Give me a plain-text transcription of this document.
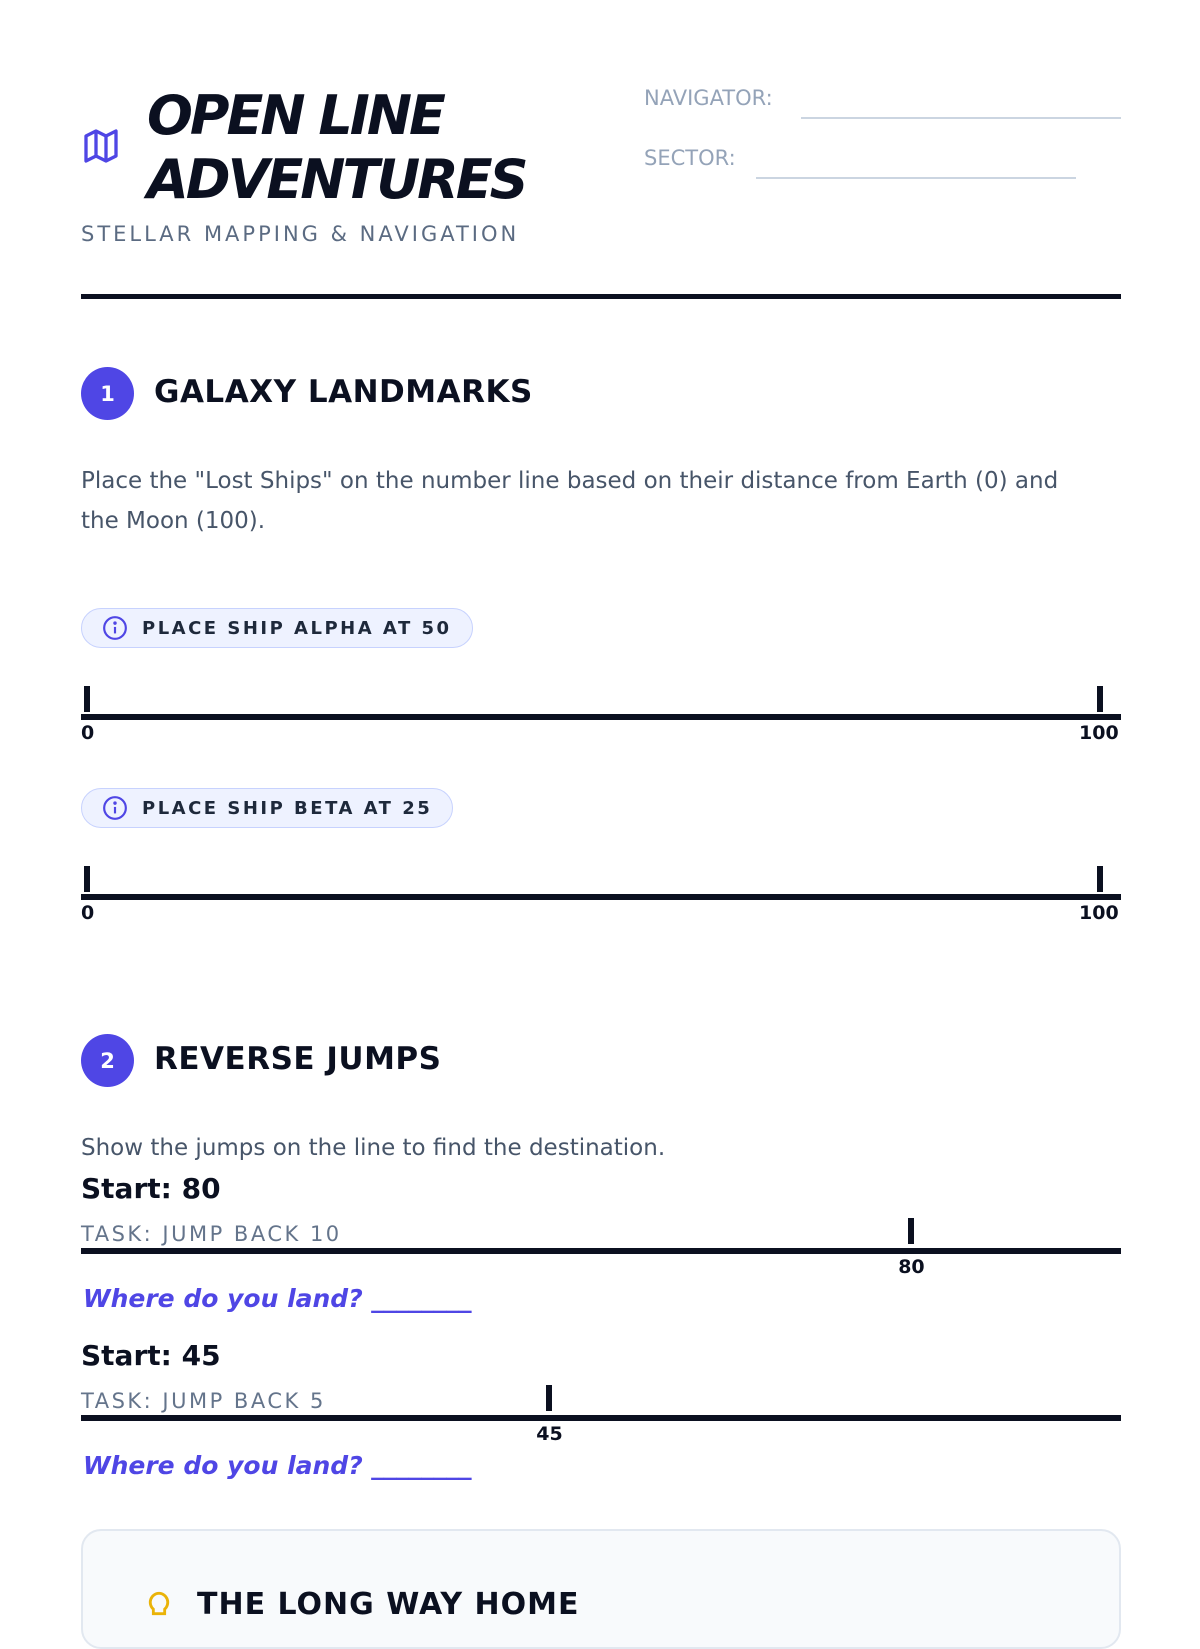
OPEN LINE ADVENTURES

STELLAR MAPPING & NAVIGATION

NAVIGATOR:
SECTOR:
1	GALAXY LANDMARKS

Place the "Lost Ships" on the number line based on their distance from Earth (0) and the Moon (100).

PLACE SHIP ALPHA AT 50
0	100
PLACE SHIP BETA AT 25
0	100
2	REVERSE JUMPS

Show the jumps on the line to find the destination.

Start: 80

TASK: JUMP BACK 10
80
Where do you land? ________

Start: 45

TASK: JUMP BACK 5
45
Where do you land? ________
THE LONG WAY HOME
